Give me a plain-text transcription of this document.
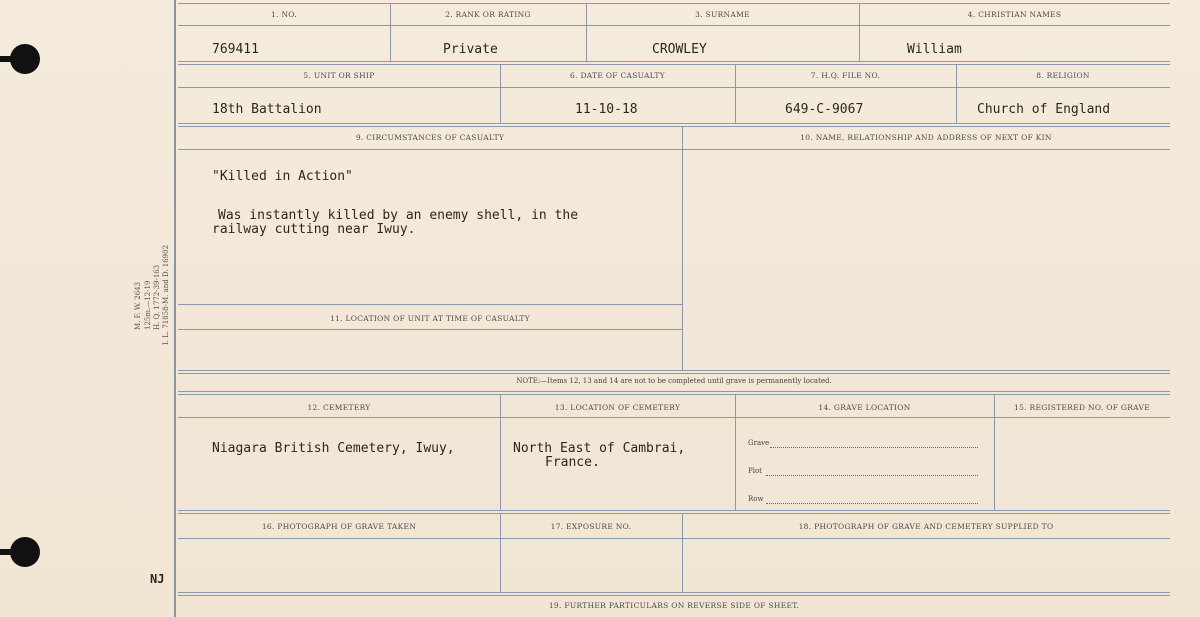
M. F. W. 2643 125m.—12-19 H. Q. 1772-39-163 I. L. 71858-M. and D. 16902
NJ
1. NO.	2. RANK OR RATING	3. SURNAME	4. CHRISTIAN NAMES
769411	Private	CROWLEY	William
5. UNIT OR SHIP	6. DATE OF CASUALTY	7. H.Q. FILE NO.	8. RELIGION
18th Battalion	11-10-18	649-C-9067	Church of England
9. CIRCUMSTANCES OF CASUALTY	10. NAME, RELATIONSHIP AND ADDRESS OF NEXT OF KIN
"Killed in Action"
Was instantly killed by an enemy shell, in the
railway cutting near Iwuy.
11. LOCATION OF UNIT AT TIME OF CASUALTY
NOTE:—Items 12, 13 and 14 are not to be completed until grave is permanently located.
12. CEMETERY	13. LOCATION OF CEMETERY	14. GRAVE LOCATION	15. REGISTERED NO. OF GRAVE
Niagara British Cemetery, Iwuy,	North East of Cambrai,
France.
Grave
Plot
Row
16. PHOTOGRAPH OF GRAVE TAKEN	17. EXPOSURE NO.	18. PHOTOGRAPH OF GRAVE AND CEMETERY SUPPLIED TO
19. FURTHER PARTICULARS ON REVERSE SIDE OF SHEET.
